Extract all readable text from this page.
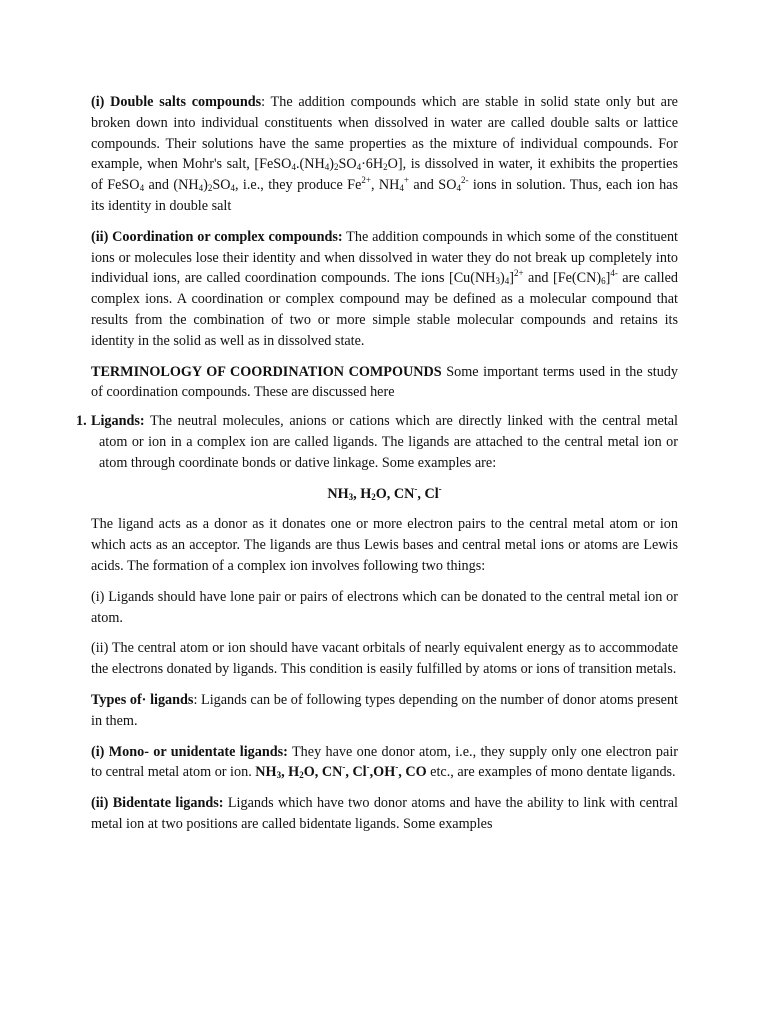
(i) Double salts compounds: The addition compounds which are stable in solid state only but are broken down into individual constituents when dissolved in water are called double salts or lattice compounds. Their solutions have the same properties as the mixture of individual compounds. For example, when Mohr's salt, $[FeSO_4.(NH_4)_2SO_4\cdot 6H_2O]$, is dissolved in water, it exhibits the properties of FeSO$_4$ and $(NH_4)_2SO_4$, i.e., they produce $Fe^{2+}$, $NH_4^+$ and $SO_4^{2-}$ ions in solution. Thus, each ion has its identity in double salt

(ii) Coordination or complex compounds: The addition compounds in which some of the constituent ions or molecules lose their identity and when dissolved in water they do not break up completely into individual ions, are called coordination compounds. The ions $[Cu(NH_3)_4]^{2+}$ and $[Fe(CN)_6]^{4-}$ are called complex ions. A coordination or complex compound may be defined as a molecular compound that results from the combination of two or more simple stable molecular compounds and retains its identity in the solid as well as in dissolved state.

TERMINOLOGY OF COORDINATION COMPOUNDS Some important terms used in the study of coordination compounds. These are discussed here

1. Ligands: The neutral molecules, anions or cations which are directly linked with the central metal atom or ion in a complex ion are called ligands. The ligands are attached to the central metal ion or atom through coordinate bonds or dative linkage. Some examples are:

$NH_3$, $H_2O$, CN-, Cl-

The ligand acts as a donor as it donates one or more electron pairs to the central metal atom or ion which acts as an acceptor. The ligands are thus Lewis bases and central metal ions or atoms are Lewis acids. The formation of a complex ion involves following two things:

(i) Ligands should have lone pair or pairs of electrons which can be donated to the central metal ion or atom.

(ii) The central atom or ion should have vacant orbitals of nearly equivalent energy as to accommodate the electrons donated by ligands. This condition is easily fulfilled by atoms or ions of transition metals.

Types of· ligands: Ligands can be of following types depending on the number of donor atoms present in them.

(i) Mono- or unidentate ligands: They have one donor atom, i.e., they supply only one electron pair to central metal atom or ion. $NH_3$, $H_2O$, CN-, Cl-,OH-, CO etc., are examples of mono dentate ligands.

(ii) Bidentate ligands: Ligands which have two donor atoms and have the ability to link with central metal ion at two positions are called bidentate ligands. Some examples
